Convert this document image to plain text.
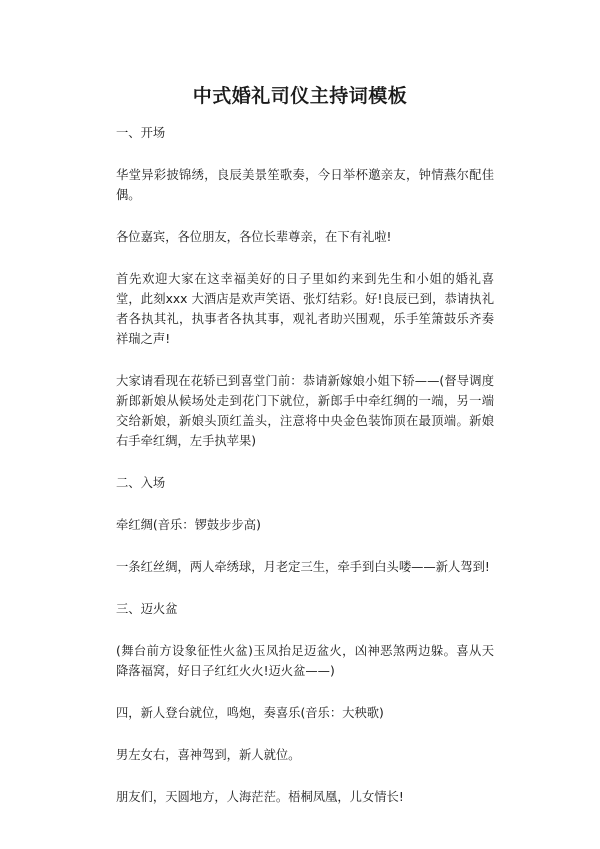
中式婚礼司仪主持词模板

一、开场

华堂异彩披锦绣，良辰美景笙歌奏，今日举杯邀亲友，钟情燕尔配佳偶。

各位嘉宾，各位朋友，各位长辈尊亲，在下有礼啦!

首先欢迎大家在这幸福美好的日子里如约来到先生和小姐的婚礼喜堂，此刻xxx 大酒店是欢声笑语、张灯结彩。好!良辰已到，恭请执礼者各执其礼，执事者各执其事，观礼者助兴围观，乐手笙箫鼓乐齐奏祥瑞之声!

大家请看现在花轿已到喜堂门前：恭请新嫁娘小姐下轿——(督导调度新郎新娘从候场处走到花门下就位，新郎手中牵红绸的一端，另一端交给新娘，新娘头顶红盖头，注意将中央金色装饰顶在最顶端。新娘右手牵红绸，左手执苹果)

二、入场

牵红绸(音乐：锣鼓步步高)

一条红丝绸，两人牵绣球，月老定三生，牵手到白头喽——新人驾到!

三、迈火盆

(舞台前方设象征性火盆)玉凤抬足迈盆火，凶神恶煞两边躲。喜从天降落福窝，好日子红红火火!迈火盆——)

四，新人登台就位，鸣炮，奏喜乐(音乐：大秧歌)

男左女右，喜神驾到，新人就位。

朋友们，天圆地方，人海茫茫。梧桐凤凰，儿女情长!
